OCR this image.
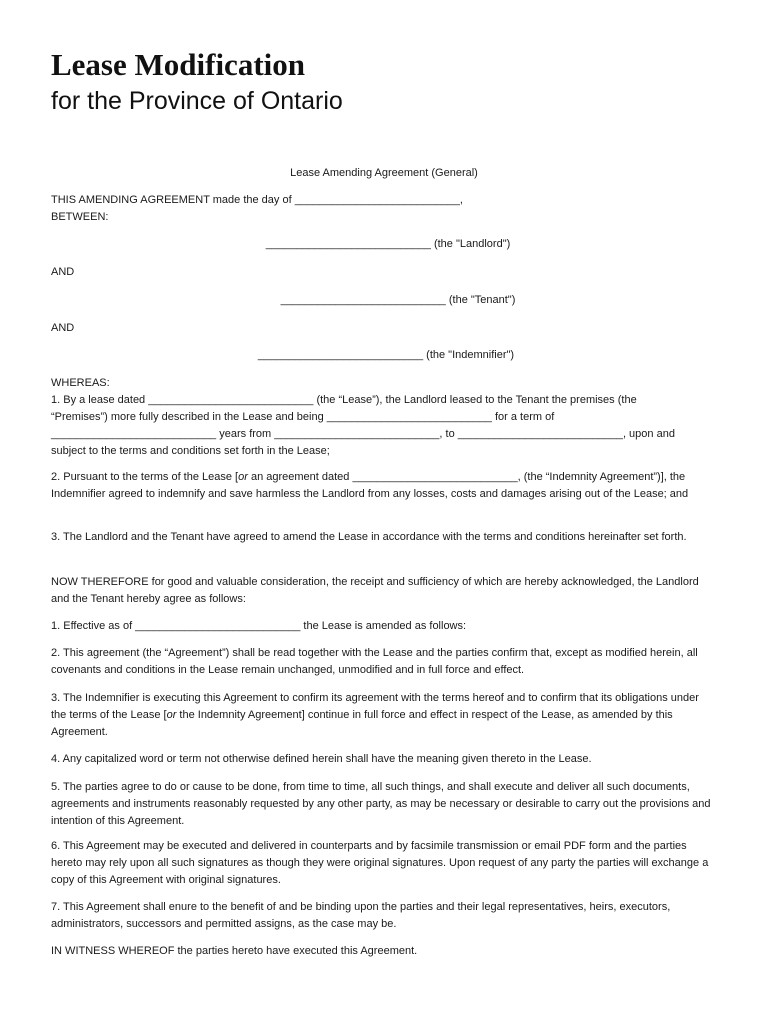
Lease Modification
for the Province of Ontario
Lease Amending Agreement (General)
THIS AMENDING AGREEMENT made the day of ___________________________,
BETWEEN:
___________________________ (the "Landlord")
AND
___________________________ (the "Tenant")
AND
___________________________ (the "Indemnifier")
WHEREAS:
1. By a lease dated ___________________________ (the “Lease”), the Landlord leased to the Tenant the premises (the
“Premises”) more fully described in the Lease and being ___________________________ for a term of
___________________________ years from ___________________________, to ___________________________, upon and
subject to the terms and conditions set forth in the Lease;

2. Pursuant to the terms of the Lease [or an agreement dated ___________________________, (the “Indemnity Agreement”)], the Indemnifier agreed to indemnify and save harmless the Landlord from any losses, costs and damages arising out of the Lease; and

3. The Landlord and the Tenant have agreed to amend the Lease in accordance with the terms and conditions hereinafter set forth.

NOW THEREFORE for good and valuable consideration, the receipt and sufficiency of which are hereby acknowledged, the Landlord and the Tenant hereby agree as follows:

1. Effective as of ___________________________ the Lease is amended as follows:

2. This agreement (the “Agreement”) shall be read together with the Lease and the parties confirm that, except as modified herein, all covenants and conditions in the Lease remain unchanged, unmodified and in full force and effect.

3. The Indemnifier is executing this Agreement to confirm its agreement with the terms hereof and to confirm that its obligations under the terms of the Lease [or the Indemnity Agreement] continue in full force and effect in respect of the Lease, as amended by this Agreement.

4. Any capitalized word or term not otherwise defined herein shall have the meaning given thereto in the Lease.

5. The parties agree to do or cause to be done, from time to time, all such things, and shall execute and deliver all such documents, agreements and instruments reasonably requested by any other party, as may be necessary or desirable to carry out the provisions and intention of this Agreement.

6. This Agreement may be executed and delivered in counterparts and by facsimile transmission or email PDF form and the parties hereto may rely upon all such signatures as though they were original signatures. Upon request of any party the parties will exchange a copy of this Agreement with original signatures.

7. This Agreement shall enure to the benefit of and be binding upon the parties and their legal representatives, heirs, executors, administrators, successors and permitted assigns, as the case may be.

IN WITNESS WHEREOF the parties hereto have executed this Agreement.
